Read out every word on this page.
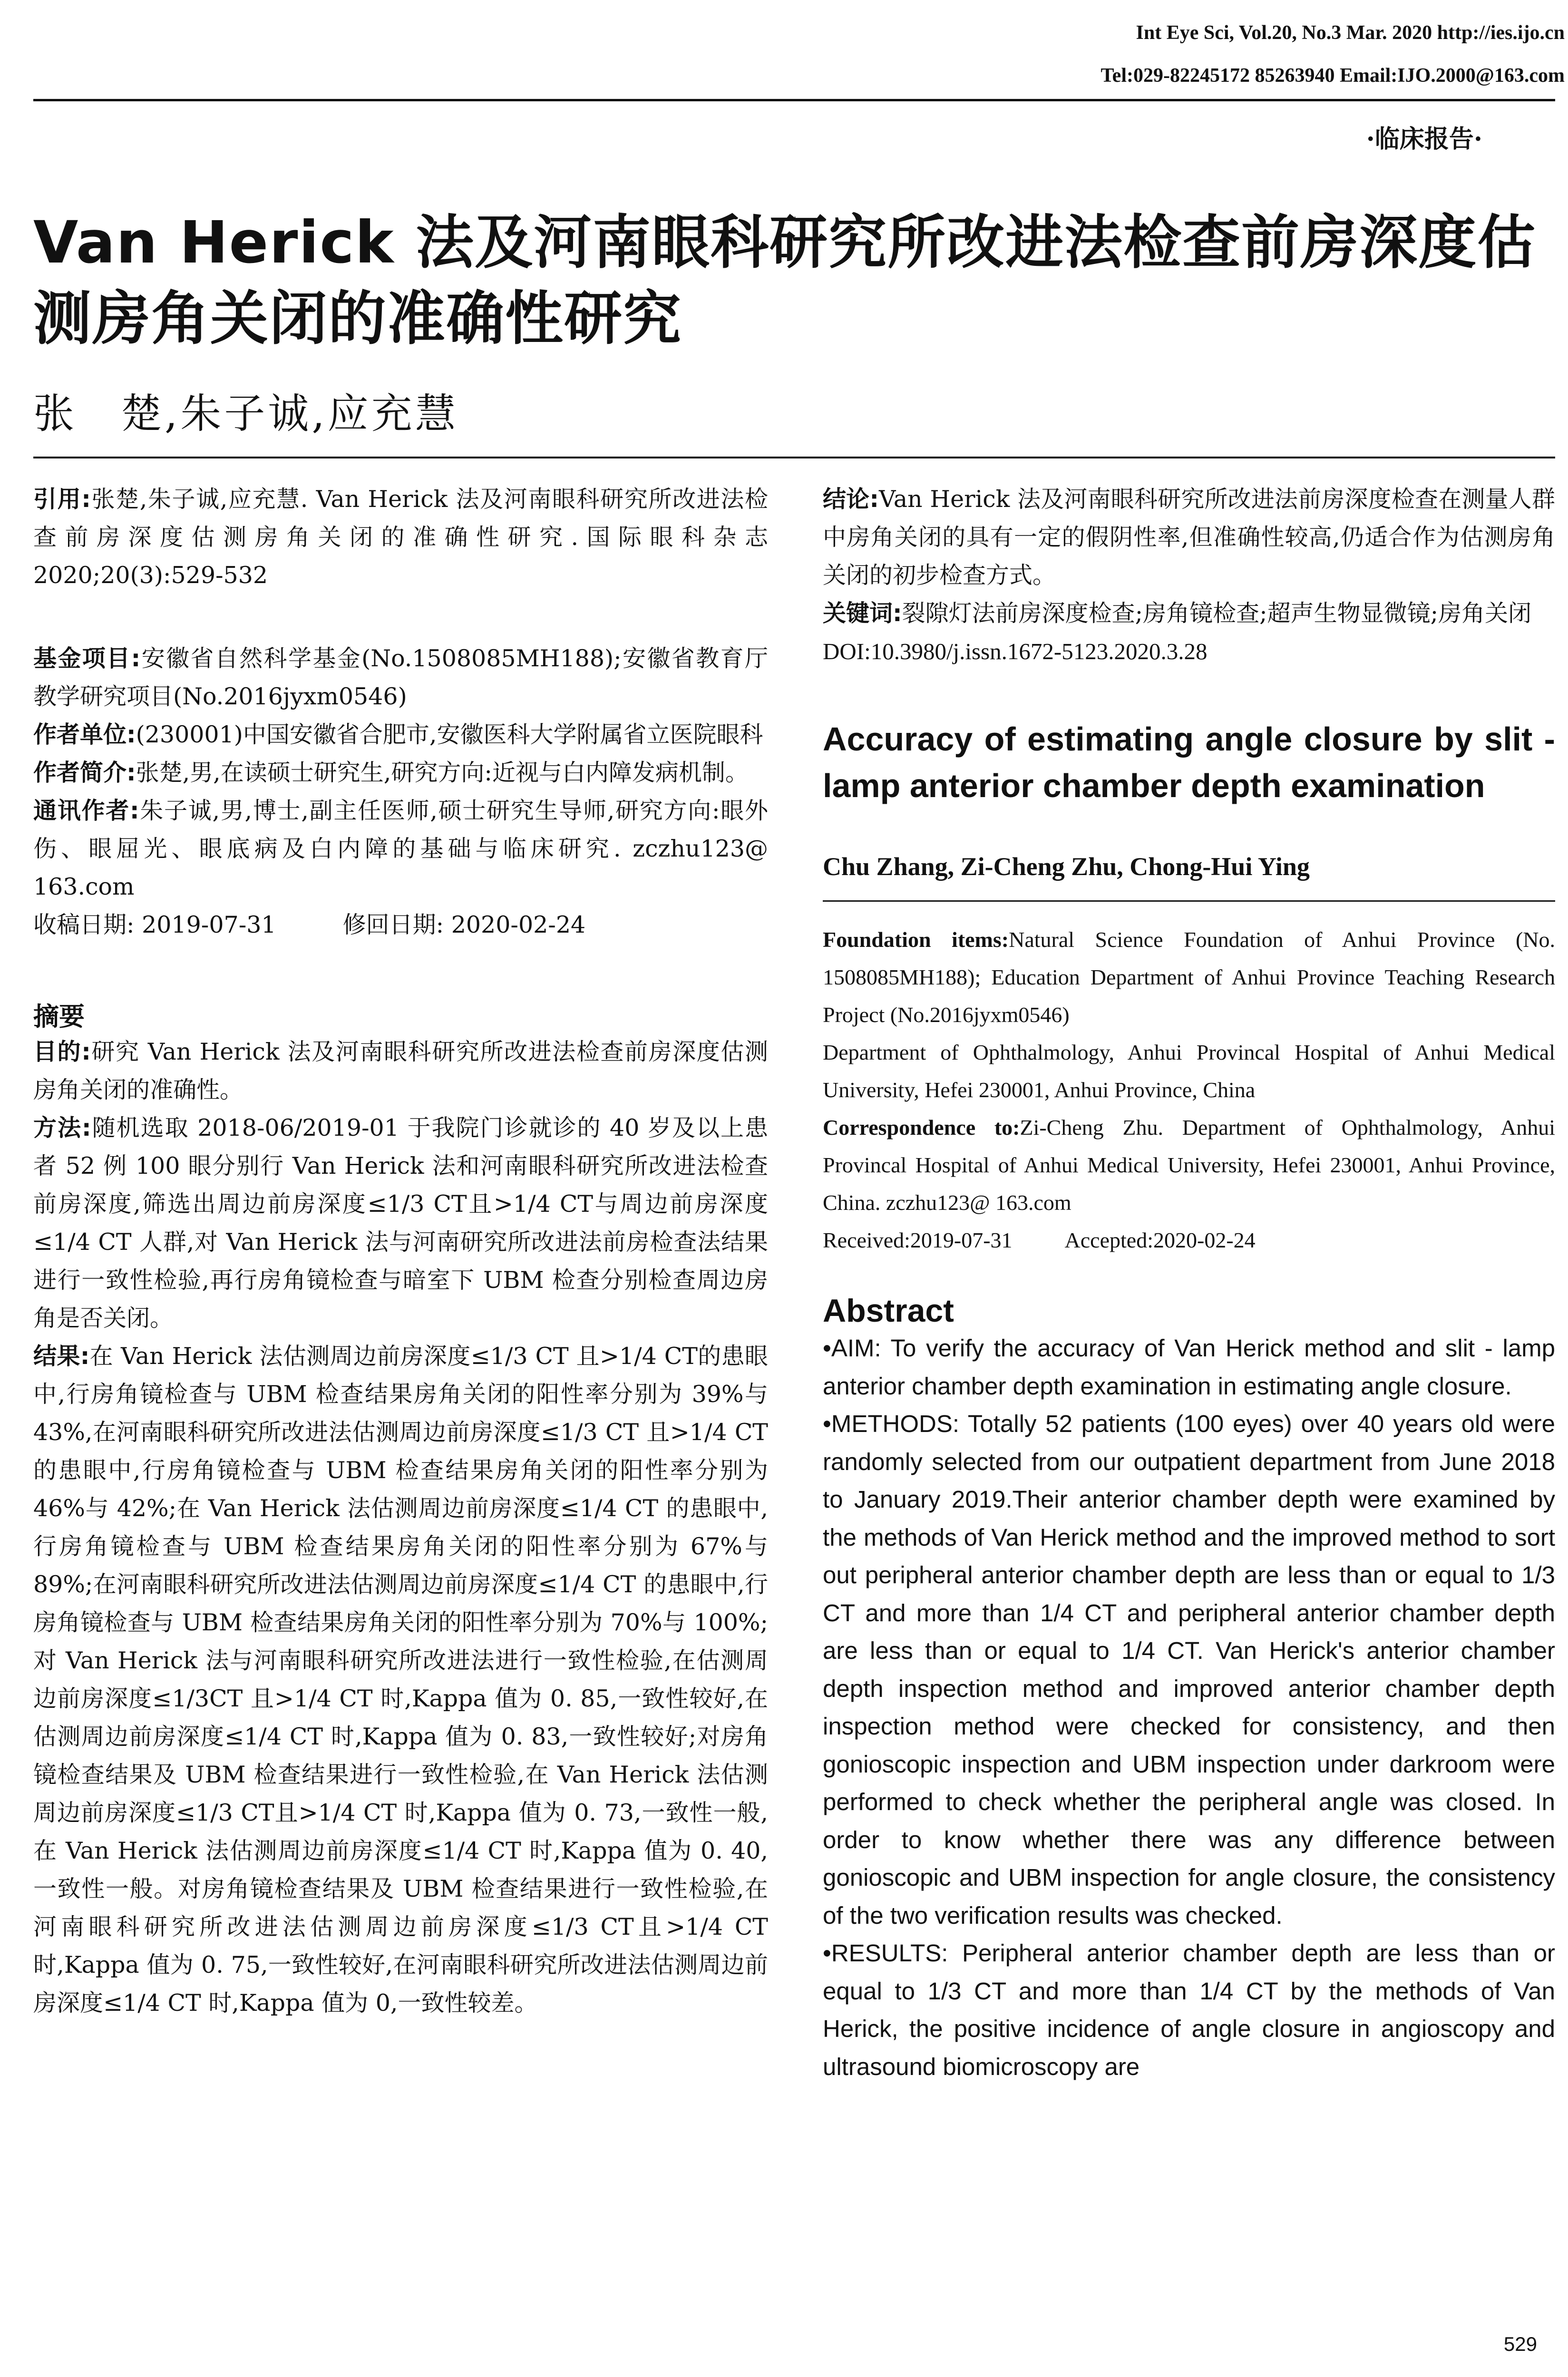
Int Eye Sci, Vol.20, No.3 Mar. 2020 http://ies.ijo.cn
Tel:029-82245172 85263940 Email:IJO.2000@163.com
·临床报告·
Van Herick 法及河南眼科研究所改进法检查前房深度估测房角关闭的准确性研究
张　楚,朱子诚,应充慧

引用:张楚,朱子诚,应充慧. Van Herick 法及河南眼科研究所改进法检查前房深度估测房角关闭的准确性研究.国际眼科杂志 2020;20(3):529-532

基金项目:安徽省自然科学基金(No.1508085MH188);安徽省教育厅教学研究项目(No.2016jyxm0546)

作者单位:(230001)中国安徽省合肥市,安徽医科大学附属省立医院眼科

作者简介:张楚,男,在读硕士研究生,研究方向:近视与白内障发病机制。

通讯作者:朱子诚,男,博士,副主任医师,硕士研究生导师,研究方向:眼外伤、眼屈光、眼底病及白内障的基础与临床研究. zczhu123@ 163.com

收稿日期: 2019-07-31	修回日期: 2020-02-24

摘要

目的:研究 Van Herick 法及河南眼科研究所改进法检查前房深度估测房角关闭的准确性。

方法:随机选取 2018-06/2019-01 于我院门诊就诊的 40 岁及以上患者 52 例 100 眼分别行 Van Herick 法和河南眼科研究所改进法检查前房深度,筛选出周边前房深度≤1/3 CT且>1/4 CT与周边前房深度≤1/4 CT 人群,对 Van Herick 法与河南研究所改进法前房检查法结果进行一致性检验,再行房角镜检查与暗室下 UBM 检查分别检查周边房角是否关闭。

结果:在 Van Herick 法估测周边前房深度≤1/3 CT 且>1/4 CT的患眼中,行房角镜检查与 UBM 检查结果房角关闭的阳性率分别为 39%与 43%,在河南眼科研究所改进法估测周边前房深度≤1/3 CT 且>1/4 CT 的患眼中,行房角镜检查与 UBM 检查结果房角关闭的阳性率分别为 46%与 42%;在 Van Herick 法估测周边前房深度≤1/4 CT 的患眼中,行房角镜检查与 UBM 检查结果房角关闭的阳性率分别为 67%与 89%;在河南眼科研究所改进法估测周边前房深度≤1/4 CT 的患眼中,行房角镜检查与 UBM 检查结果房角关闭的阳性率分别为 70%与 100%;对 Van Herick 法与河南眼科研究所改进法进行一致性检验,在估测周边前房深度≤1/3CT 且>1/4 CT 时,Kappa 值为 0. 85,一致性较好,在估测周边前房深度≤1/4 CT 时,Kappa 值为 0. 83,一致性较好;对房角镜检查结果及 UBM 检查结果进行一致性检验,在 Van Herick 法估测周边前房深度≤1/3 CT且>1/4 CT 时,Kappa 值为 0. 73,一致性一般,在 Van Herick 法估测周边前房深度≤1/4 CT 时,Kappa 值为 0. 40,一致性一般。对房角镜检查结果及 UBM 检查结果进行一致性检验,在河南眼科研究所改进法估测周边前房深度≤1/3 CT且>1/4 CT 时,Kappa 值为 0. 75,一致性较好,在河南眼科研究所改进法估测周边前房深度≤1/4 CT 时,Kappa 值为 0,一致性较差。

结论:Van Herick 法及河南眼科研究所改进法前房深度检查在测量人群中房角关闭的具有一定的假阴性率,但准确性较高,仍适合作为估测房角关闭的初步检查方式。

关键词:裂隙灯法前房深度检查;房角镜检查;超声生物显微镜;房角关闭

DOI:10.3980/j.issn.1672-5123.2020.3.28

Accuracy of estimating angle closure by slit - lamp anterior chamber depth examination

Chu Zhang, Zi-Cheng Zhu, Chong-Hui Ying

Foundation items:Natural Science Foundation of Anhui Province (No. 1508085MH188); Education Department of Anhui Province Teaching Research Project (No.2016jyxm0546)

Department of Ophthalmology, Anhui Provincal Hospital of Anhui Medical University, Hefei 230001, Anhui Province, China

Correspondence to:Zi-Cheng Zhu. Department of Ophthalmology, Anhui Provincal Hospital of Anhui Medical University, Hefei 230001, Anhui Province, China. zczhu123@ 163.com

Received:2019-07-31 Accepted:2020-02-24

Abstract

•AIM: To verify the accuracy of Van Herick method and slit - lamp anterior chamber depth examination in estimating angle closure.

•METHODS: Totally 52 patients (100 eyes) over 40 years old were randomly selected from our outpatient department from June 2018 to January 2019.Their anterior chamber depth were examined by the methods of Van Herick method and the improved method to sort out peripheral anterior chamber depth are less than or equal to 1/3 CT and more than 1/4 CT and peripheral anterior chamber depth are less than or equal to 1/4 CT. Van Herick's anterior chamber depth inspection method and improved anterior chamber depth inspection method were checked for consistency, and then gonioscopic inspection and UBM inspection under darkroom were performed to check whether the peripheral angle was closed. In order to know whether there was any difference between gonioscopic and UBM inspection for angle closure, the consistency of the two verification results was checked.

•RESULTS: Peripheral anterior chamber depth are less than or equal to 1/3 CT and more than 1/4 CT by the methods of Van Herick, the positive incidence of angle closure in angioscopy and ultrasound biomicroscopy are

529
